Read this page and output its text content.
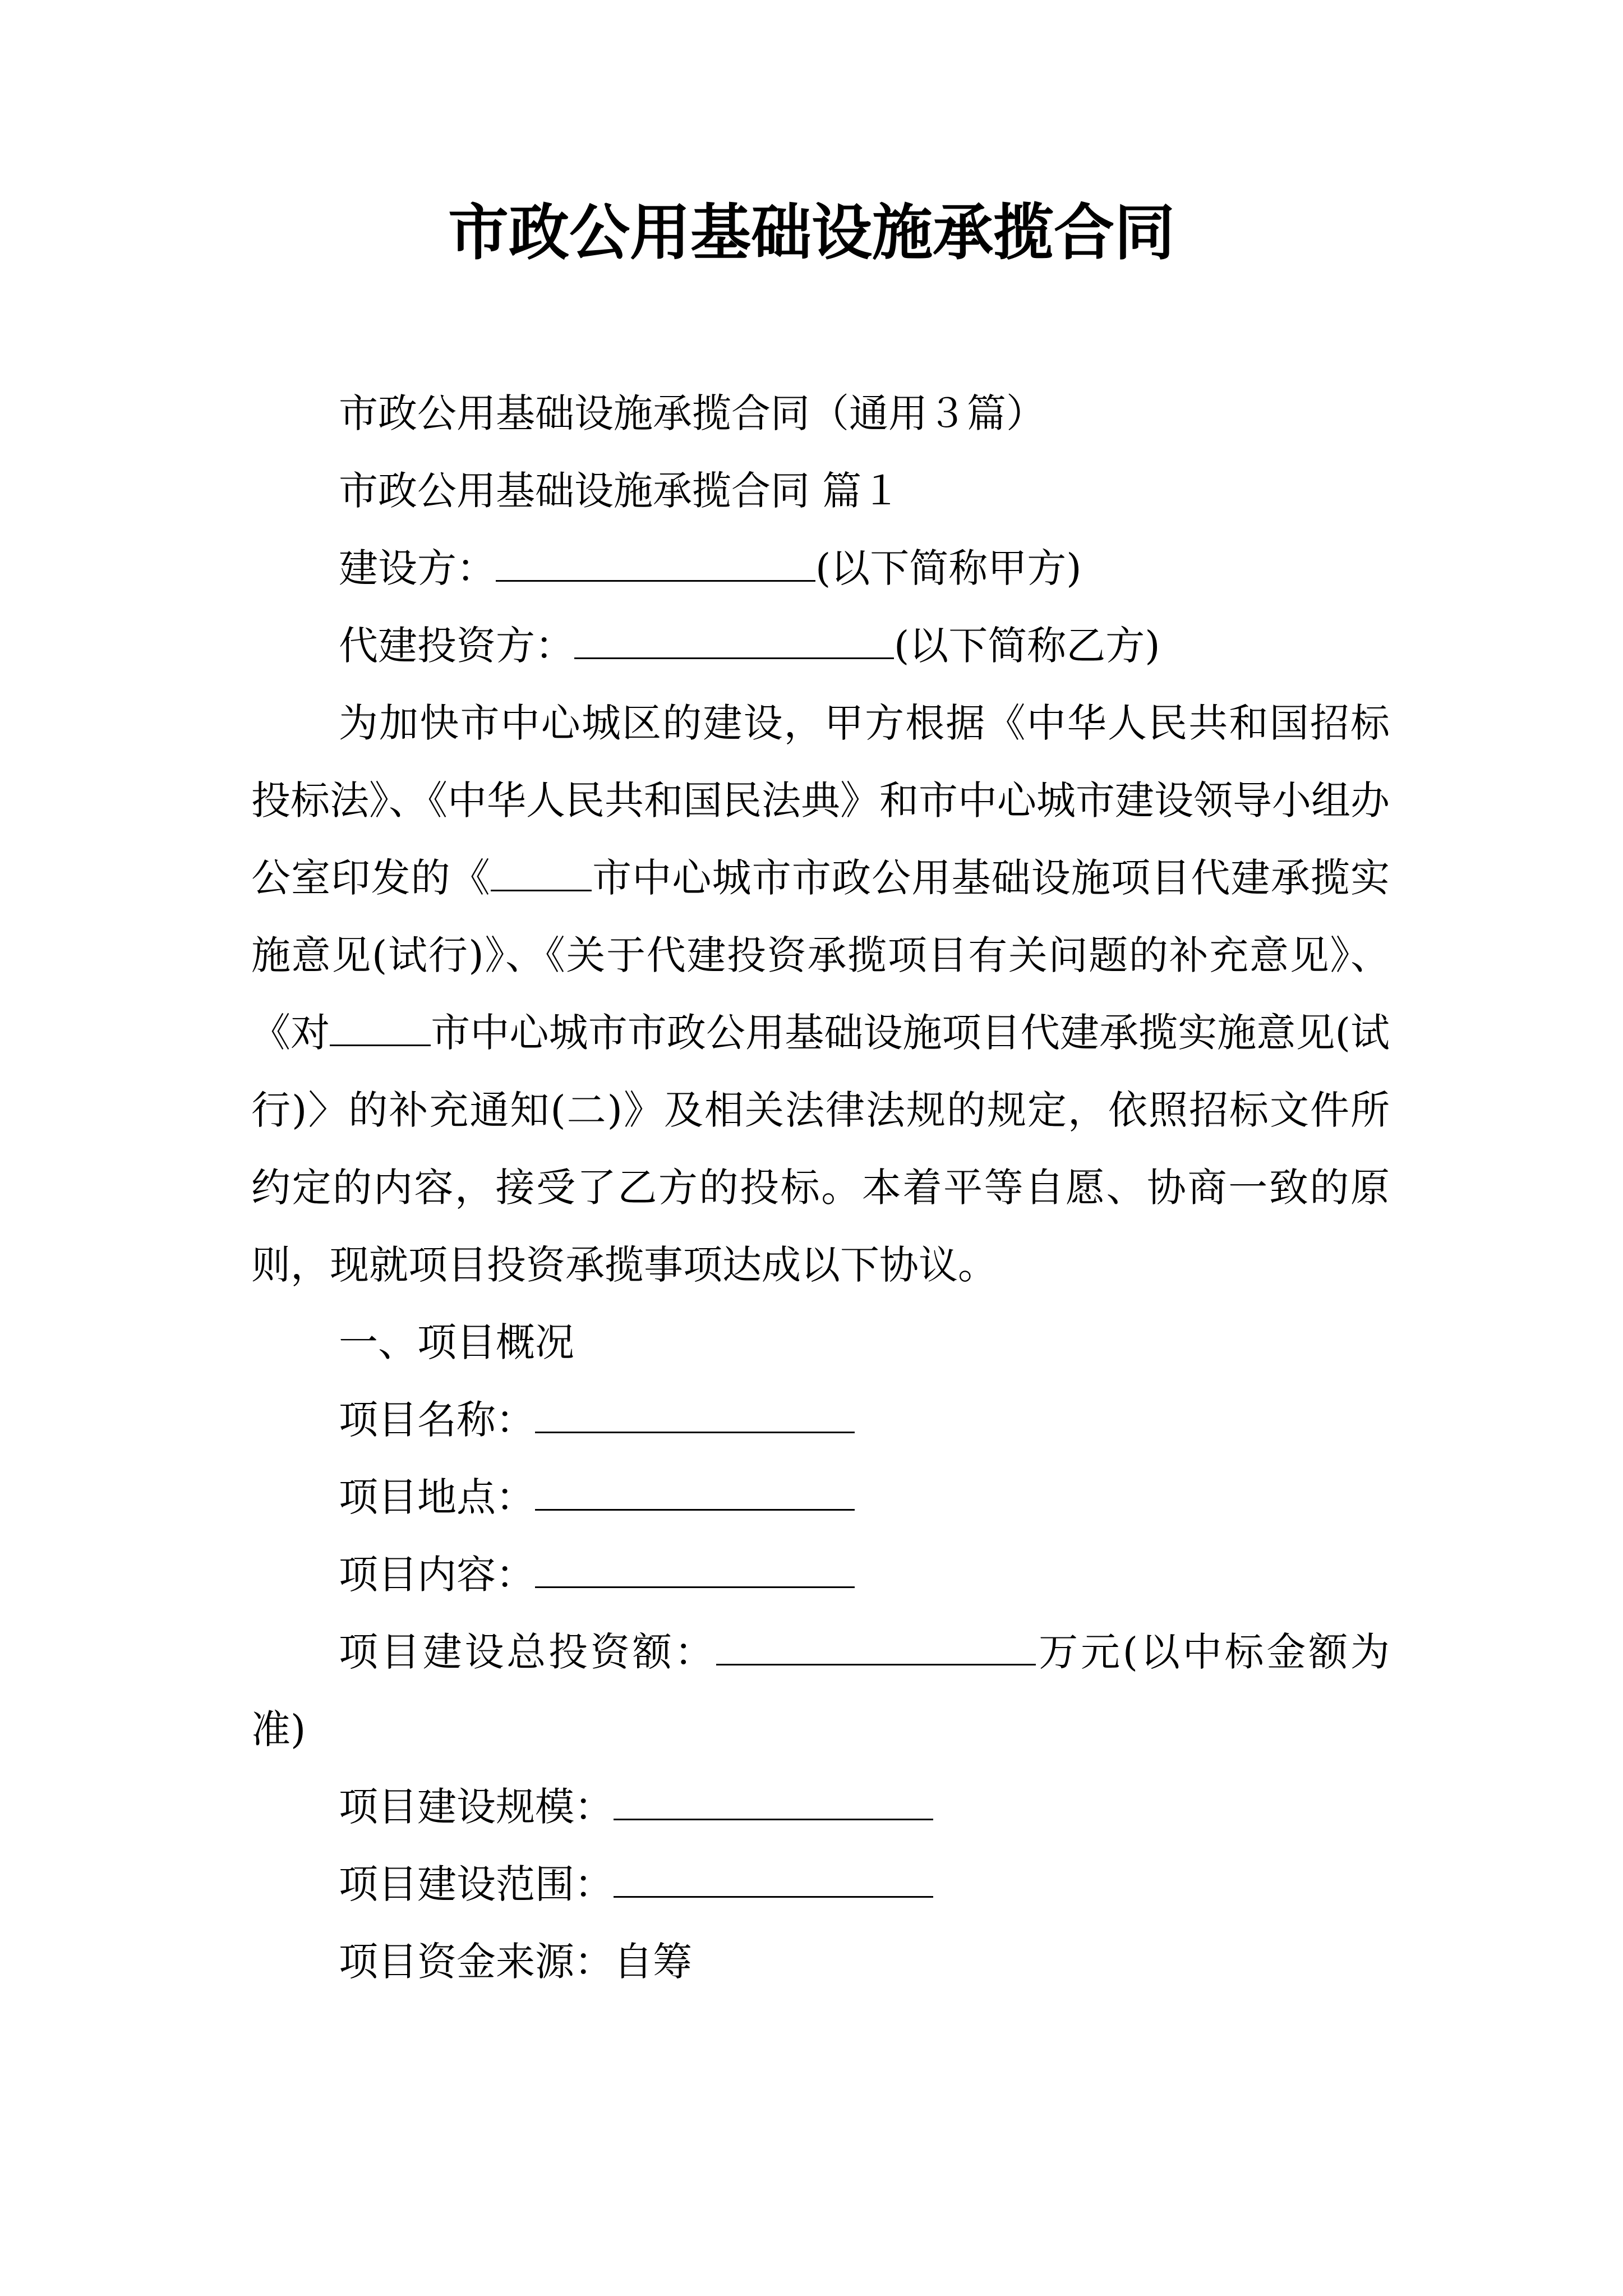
市政公用基础设施承揽合同

市政公用基础设施承揽合同（通用３篇）

市政公用基础设施承揽合同 篇１

建设方：	(以下简称甲方)

代建投资方：	(以下简称乙方)

为加快市中心城区的建设，甲方根据《中华人民共和国招标投标法》、《中华人民共和国民法典》和市中心城市建设领导小组办公室印发的《	市中心城市市政公用基础设施项目代建承揽实施意见(试行)》、《关于代建投资承揽项目有关问题的补充意见》、《对	市中心城市市政公用基础设施项目代建承揽实施意见(试行)〉的补充通知(二)》及相关法律法规的规定，依照招标文件所约定的内容，接受了乙方的投标。本着平等自愿、协商一致的原则，现就项目投资承揽事项达成以下协议。

一、项目概况

项目名称：

项目地点：

项目内容：

项目建设总投资额：	万元(以中标金额为准)

项目建设规模：

项目建设范围：

项目资金来源：自筹
